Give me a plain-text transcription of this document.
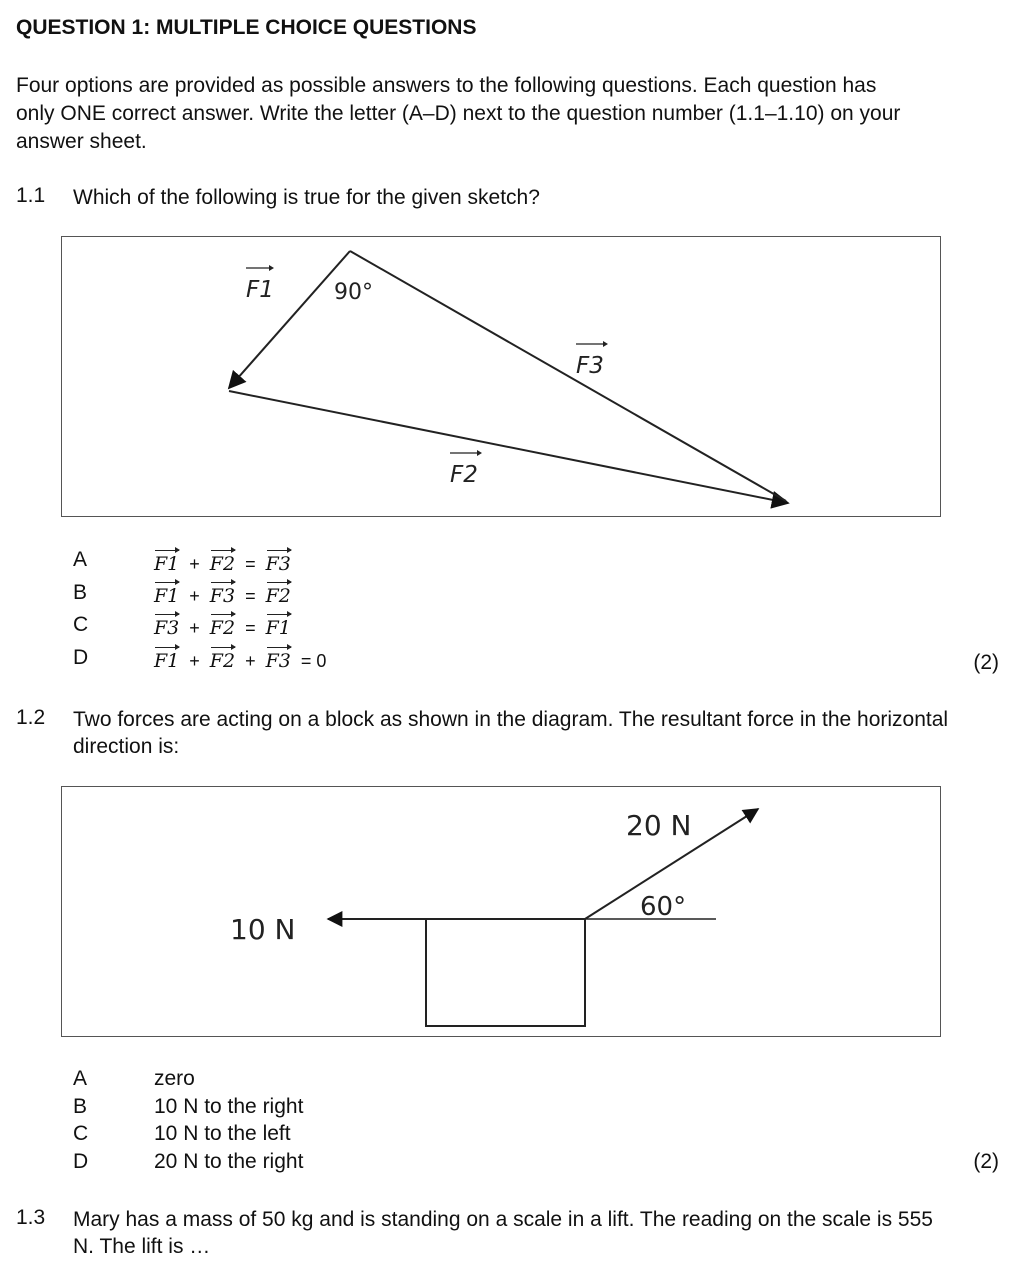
QUESTION 1: MULTIPLE CHOICE QUESTIONS
Four options are provided as possible answers to the following questions. Each question has only ONE correct answer. Write the letter (A–D) next to the question number (1.1–1.10) on your answer sheet.
1.1 Which of the following is true for the given sketch?
F1	90°
F3
F2
A	F1 + F2 = F3
B	F1 + F3 = F2
C	F3 + F2 = F1
D	F1 + F2 + F3 = 0	(2)
1.2 Two forces are acting on a block as shown in the diagram. The resultant force in the horizontal direction is:
10 N
20 N
60°
A	zero
B	10 N to the right
C	10 N to the left
D	20 N to the right	(2)
1.3 Mary has a mass of 50 kg and is standing on a scale in a lift. The reading on the scale is 555 N. The lift is …
